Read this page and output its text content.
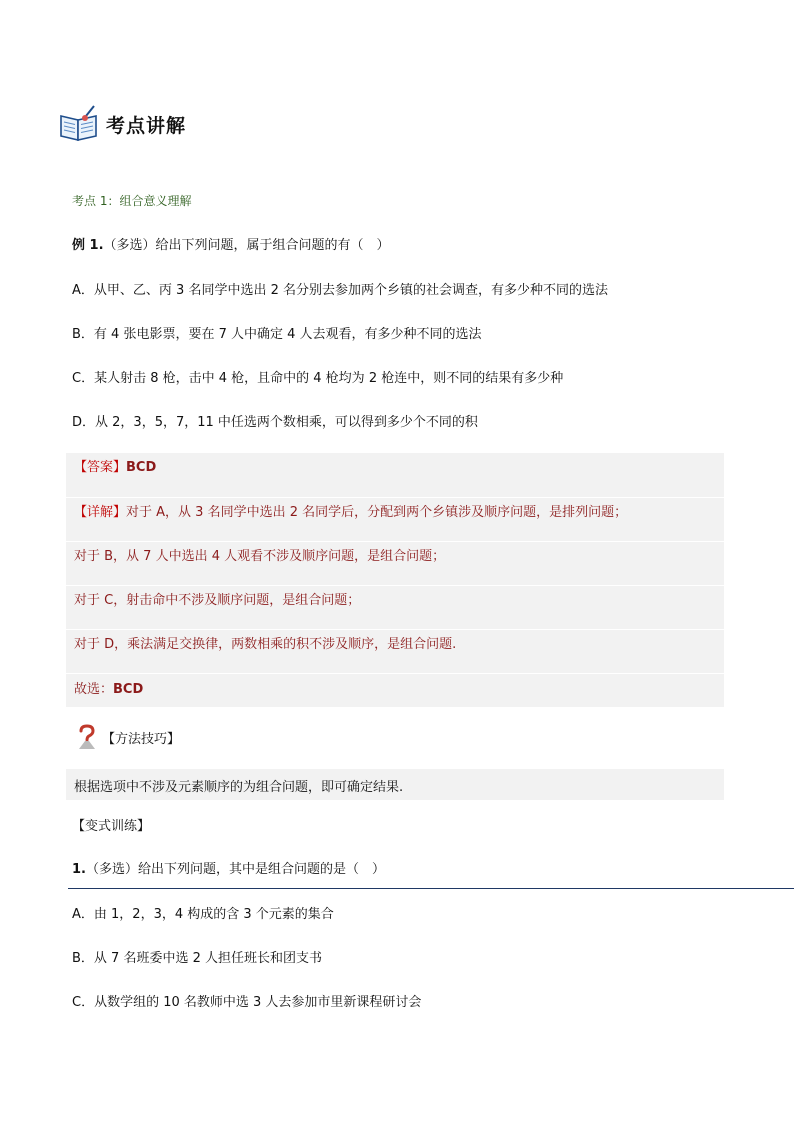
考点讲解
考点 1：组合意义理解
例 1.（多选）给出下列问题，属于组合问题的有（　）
A．从甲、乙、丙 3 名同学中选出 2 名分别去参加两个乡镇的社会调查，有多少种不同的选法
B．有 4 张电影票，要在 7 人中确定 4 人去观看，有多少种不同的选法
C．某人射击 8 枪，击中 4 枪，且命中的 4 枪均为 2 枪连中，则不同的结果有多少种
D．从 2，3，5，7，11 中任选两个数相乘，可以得到多少个不同的积
【答案】BCD
【详解】对于 A，从 3 名同学中选出 2 名同学后，分配到两个乡镇涉及顺序问题，是排列问题；
对于 B，从 7 人中选出 4 人观看不涉及顺序问题，是组合问题；
对于 C，射击命中不涉及顺序问题，是组合问题；
对于 D，乘法满足交换律，两数相乘的积不涉及顺序，是组合问题.
故选：BCD
【方法技巧】
根据选项中不涉及元素顺序的为组合问题，即可确定结果.
【变式训练】
1.（多选）给出下列问题，其中是组合问题的是（　）
A．由 1，2，3，4 构成的含 3 个元素的集合
B．从 7 名班委中选 2 人担任班长和团支书
C．从数学组的 10 名教师中选 3 人去参加市里新课程研讨会
